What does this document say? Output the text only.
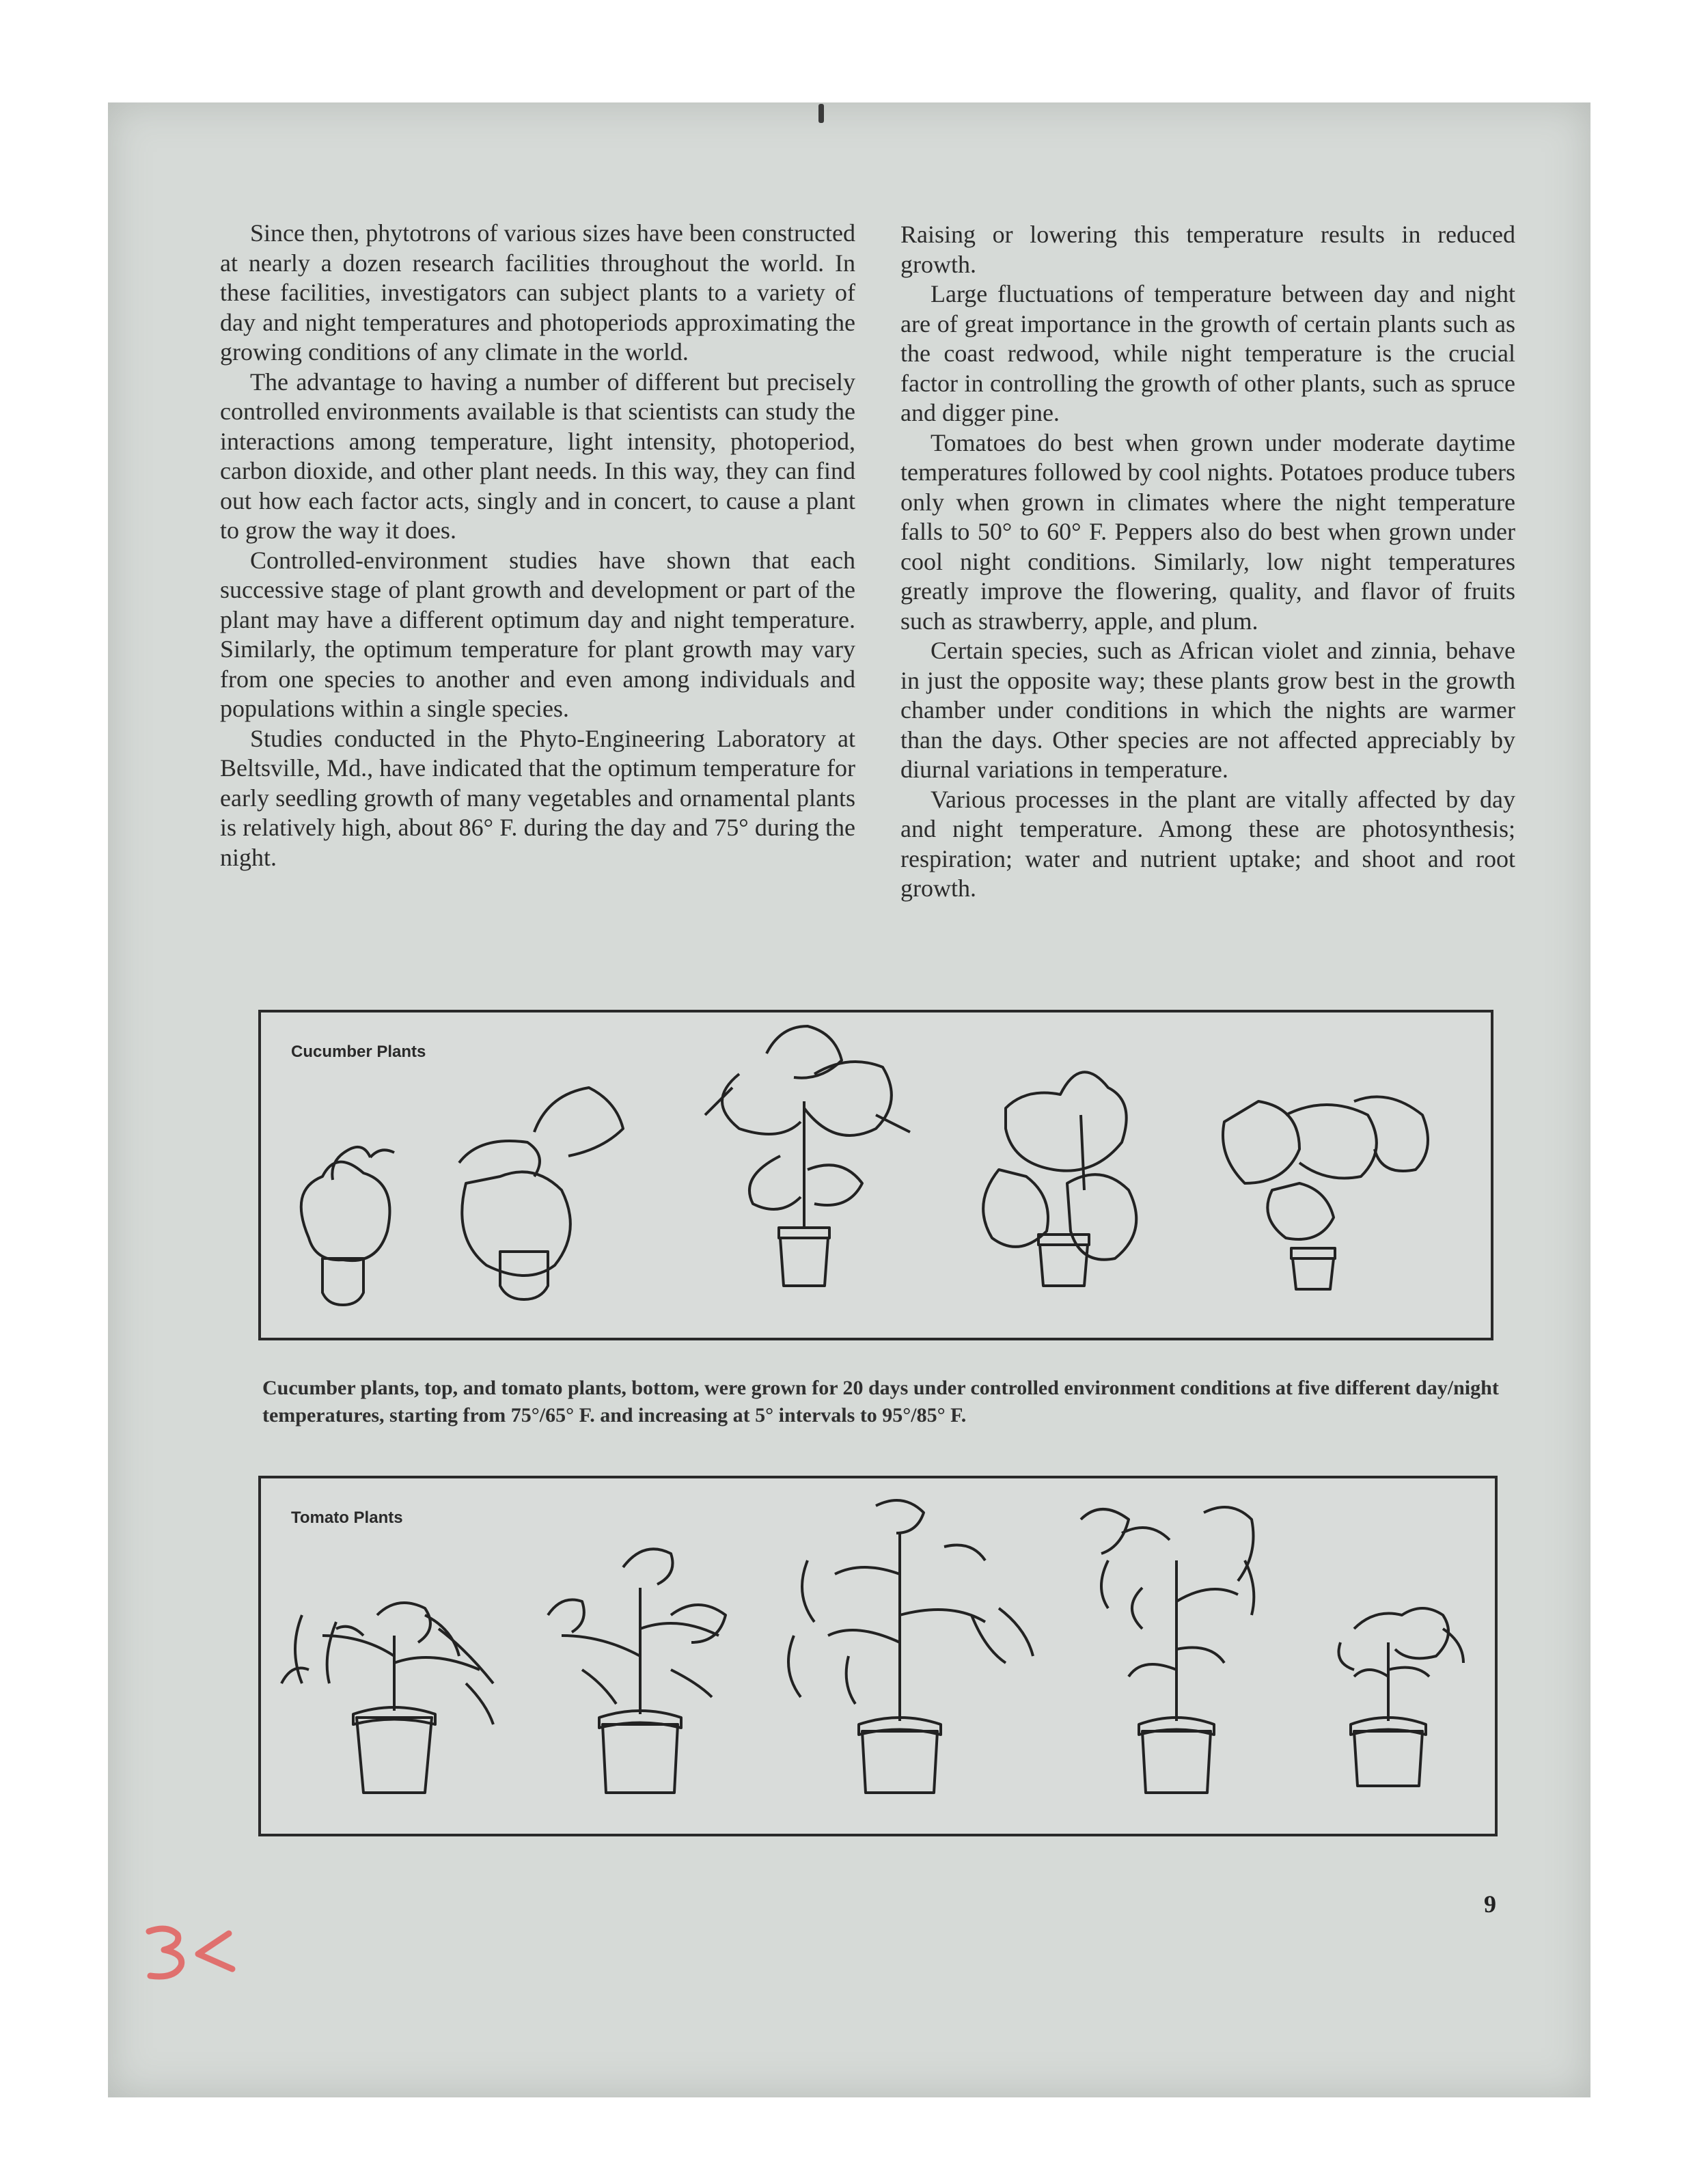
Since then, phytotrons of various sizes have been constructed at nearly a dozen research facilities throughout the world. In these facilities, investigators can subject plants to a variety of day and night temperatures and photoperiods approximating the growing conditions of any climate in the world.

The advantage to having a number of different but precisely controlled environments available is that scientists can study the interactions among temperature, light intensity, photoperiod, carbon dioxide, and other plant needs. In this way, they can find out how each factor acts, singly and in concert, to cause a plant to grow the way it does.

Controlled-environment studies have shown that each successive stage of plant growth and development or part of the plant may have a different optimum day and night temperature. Similarly, the optimum temperature for plant growth may vary from one species to another and even among individuals and populations within a single species.

Studies conducted in the Phyto-Engineering Laboratory at Beltsville, Md., have indicated that the optimum temperature for early seedling growth of many vegetables and ornamental plants is relatively high, about 86° F. during the day and 75° during the night.

Raising or lowering this temperature results in reduced growth.

Large fluctuations of temperature between day and night are of great importance in the growth of certain plants such as the coast redwood, while night temperature is the crucial factor in controlling the growth of other plants, such as spruce and digger pine.

Tomatoes do best when grown under moderate daytime temperatures followed by cool nights. Potatoes produce tubers only when grown in climates where the night temperature falls to 50° to 60° F. Peppers also do best when grown under cool night conditions. Similarly, low night temperatures greatly improve the flowering, quality, and flavor of fruits such as strawberry, apple, and plum.

Certain species, such as African violet and zinnia, behave in just the opposite way; these plants grow best in the growth chamber under conditions in which the nights are warmer than the days. Other species are not affected appreciably by diurnal variations in temperature.

Various processes in the plant are vitally affected by day and night temperature. Among these are photosynthesis; respiration; water and nutrient uptake; and shoot and root growth.

Cucumber Plants
Cucumber plants, top, and tomato plants, bottom, were grown for 20 days under controlled environment conditions at five different day/night temperatures, starting from 75°/65° F. and increasing at 5° intervals to 95°/85° F.
Tomato Plants
9
